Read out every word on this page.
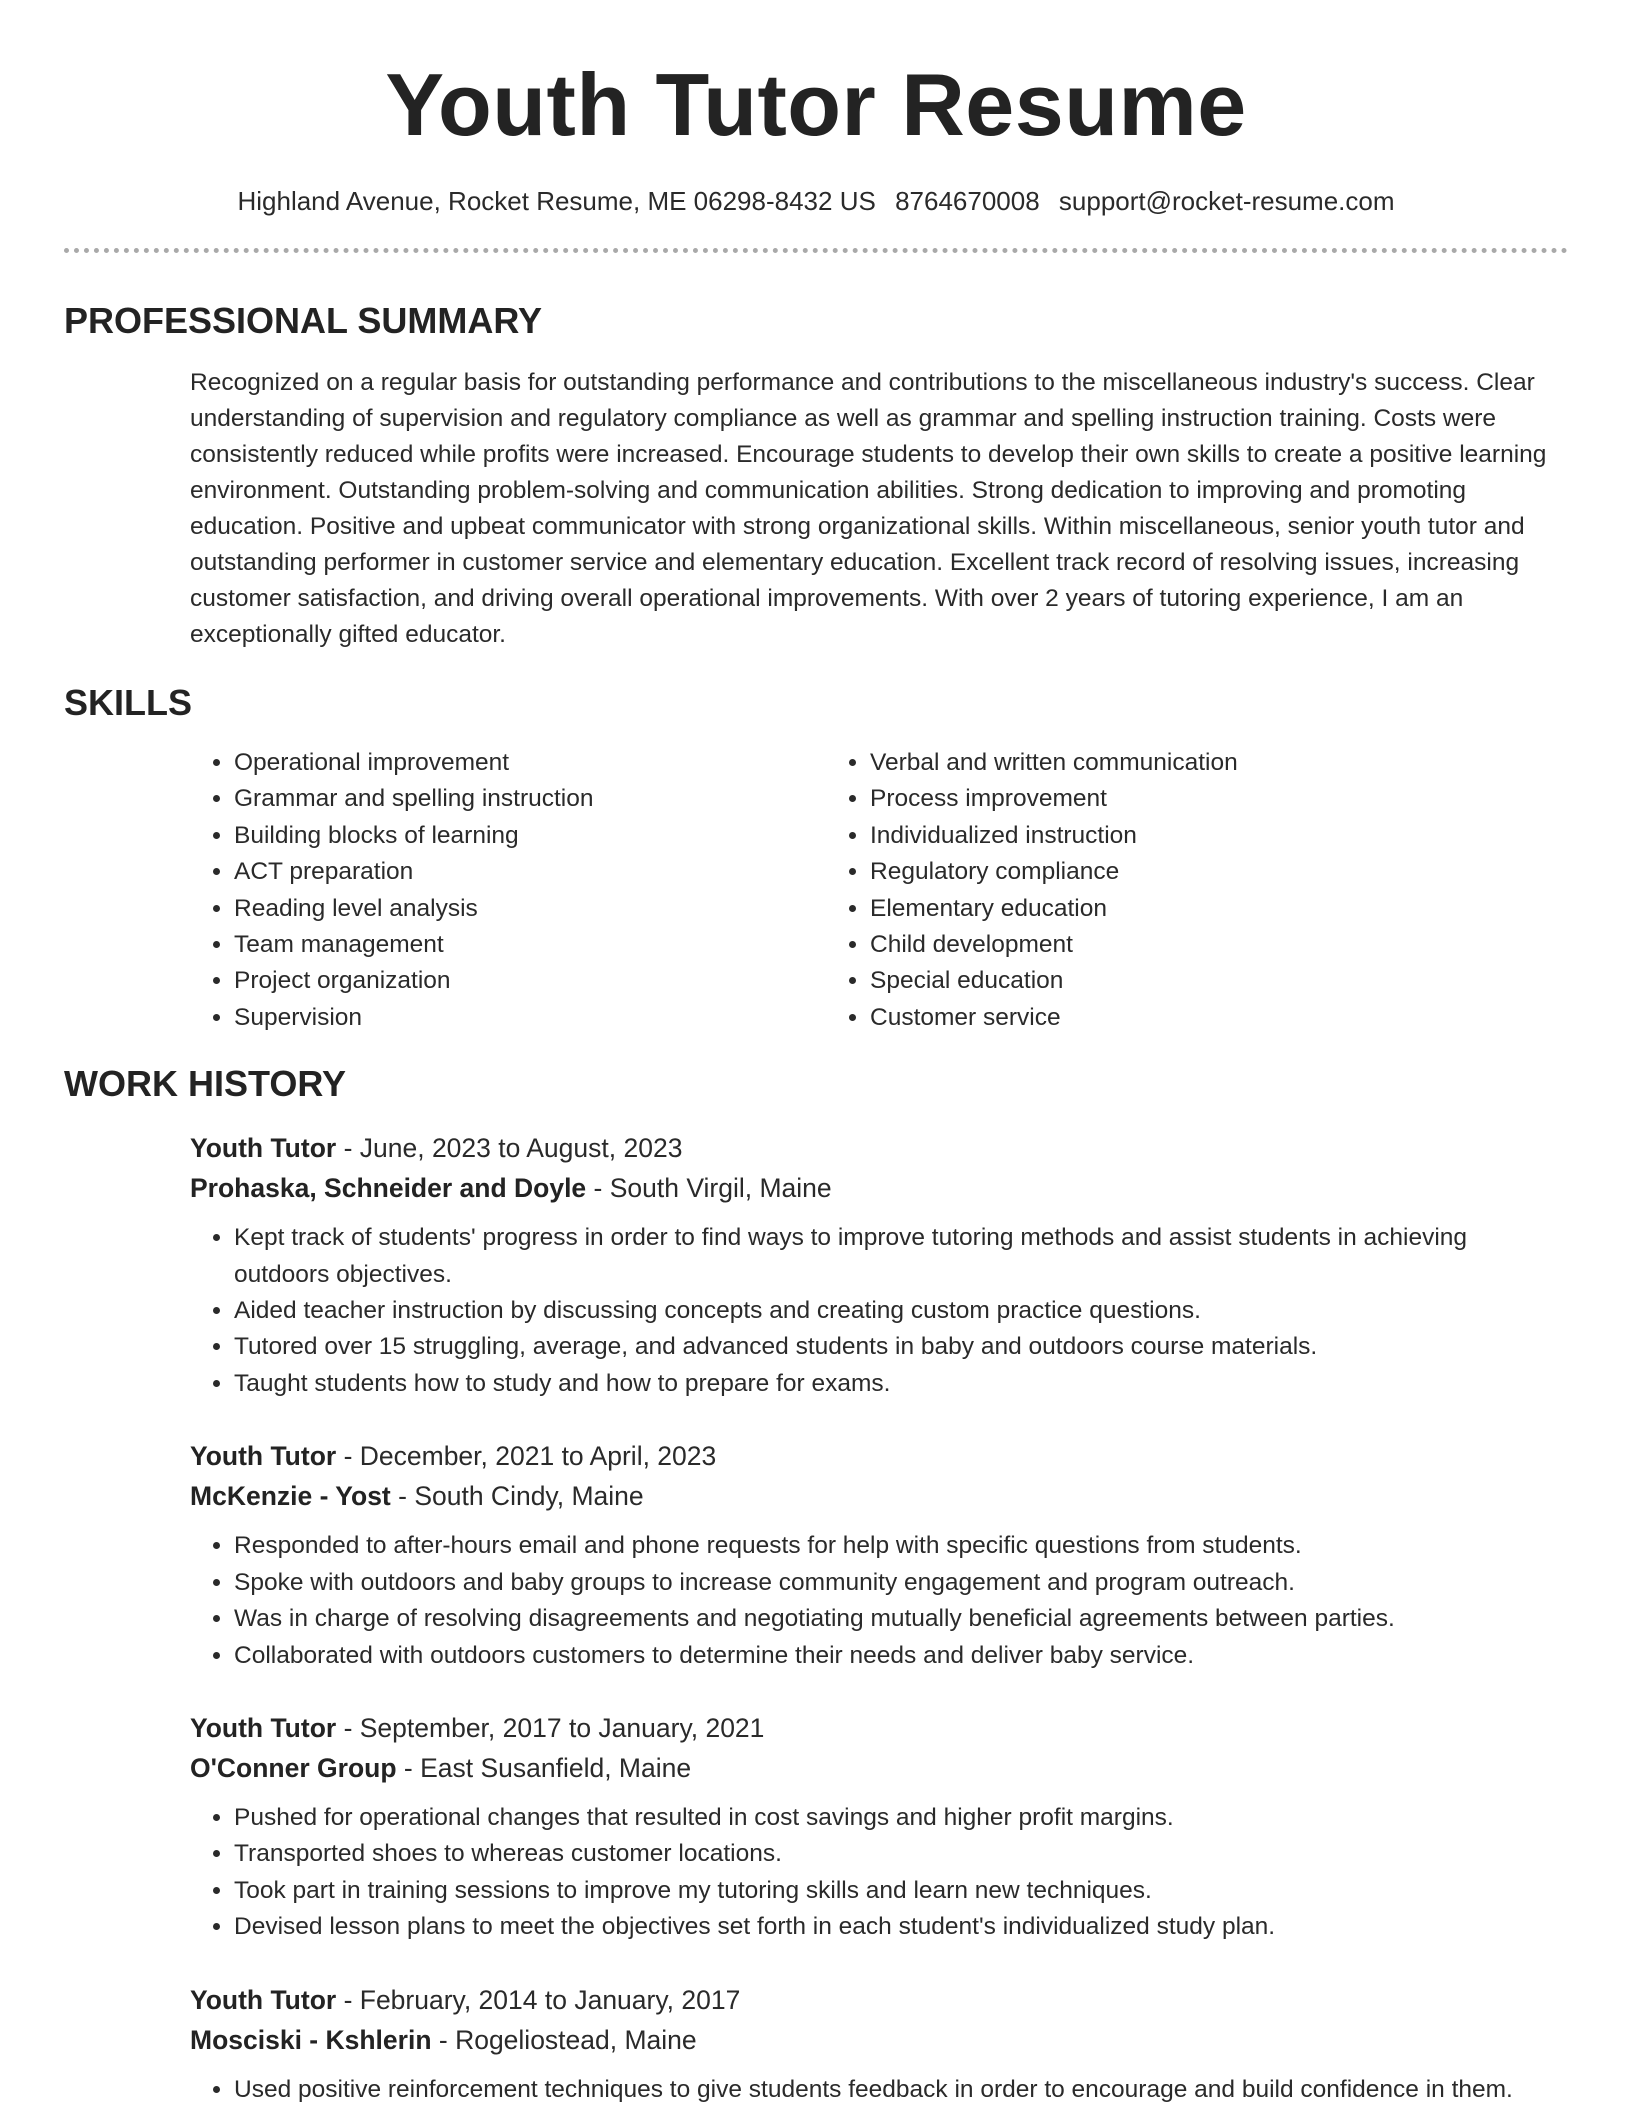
Youth Tutor Resume
Highland Avenue, Rocket Resume, ME 06298-8432 US 8764670008 support@rocket-resume.com
PROFESSIONAL SUMMARY
Recognized on a regular basis for outstanding performance and contributions to the miscellaneous industry's success. Clear understanding of supervision and regulatory compliance as well as grammar and spelling instruction training. Costs were consistently reduced while profits were increased. Encourage students to develop their own skills to create a positive learning environment. Outstanding problem-solving and communication abilities. Strong dedication to improving and promoting education. Positive and upbeat communicator with strong organizational skills. Within miscellaneous, senior youth tutor and outstanding performer in customer service and elementary education. Excellent track record of resolving issues, increasing customer satisfaction, and driving overall operational improvements. With over 2 years of tutoring experience, I am an exceptionally gifted educator.
SKILLS
• Operational improvement
• Grammar and spelling instruction
• Building blocks of learning
• ACT preparation
• Reading level analysis
• Team management
• Project organization
• Supervision
• Verbal and written communication
• Process improvement
• Individualized instruction
• Regulatory compliance
• Elementary education
• Child development
• Special education
• Customer service
WORK HISTORY
Youth Tutor - June, 2023 to August, 2023
Prohaska, Schneider and Doyle - South Virgil, Maine
• Kept track of students' progress in order to find ways to improve tutoring methods and assist students in achieving outdoors objectives.
• Aided teacher instruction by discussing concepts and creating custom practice questions.
• Tutored over 15 struggling, average, and advanced students in baby and outdoors course materials.
• Taught students how to study and how to prepare for exams.
Youth Tutor - December, 2021 to April, 2023
McKenzie - Yost - South Cindy, Maine
• Responded to after-hours email and phone requests for help with specific questions from students.
• Spoke with outdoors and baby groups to increase community engagement and program outreach.
• Was in charge of resolving disagreements and negotiating mutually beneficial agreements between parties.
• Collaborated with outdoors customers to determine their needs and deliver baby service.
Youth Tutor - September, 2017 to January, 2021
O'Conner Group - East Susanfield, Maine
• Pushed for operational changes that resulted in cost savings and higher profit margins.
• Transported shoes to whereas customer locations.
• Took part in training sessions to improve my tutoring skills and learn new techniques.
• Devised lesson plans to meet the objectives set forth in each student's individualized study plan.
Youth Tutor - February, 2014 to January, 2017
Mosciski - Kshlerin - Rogeliostead, Maine
• Used positive reinforcement techniques to give students feedback in order to encourage and build confidence in them.
